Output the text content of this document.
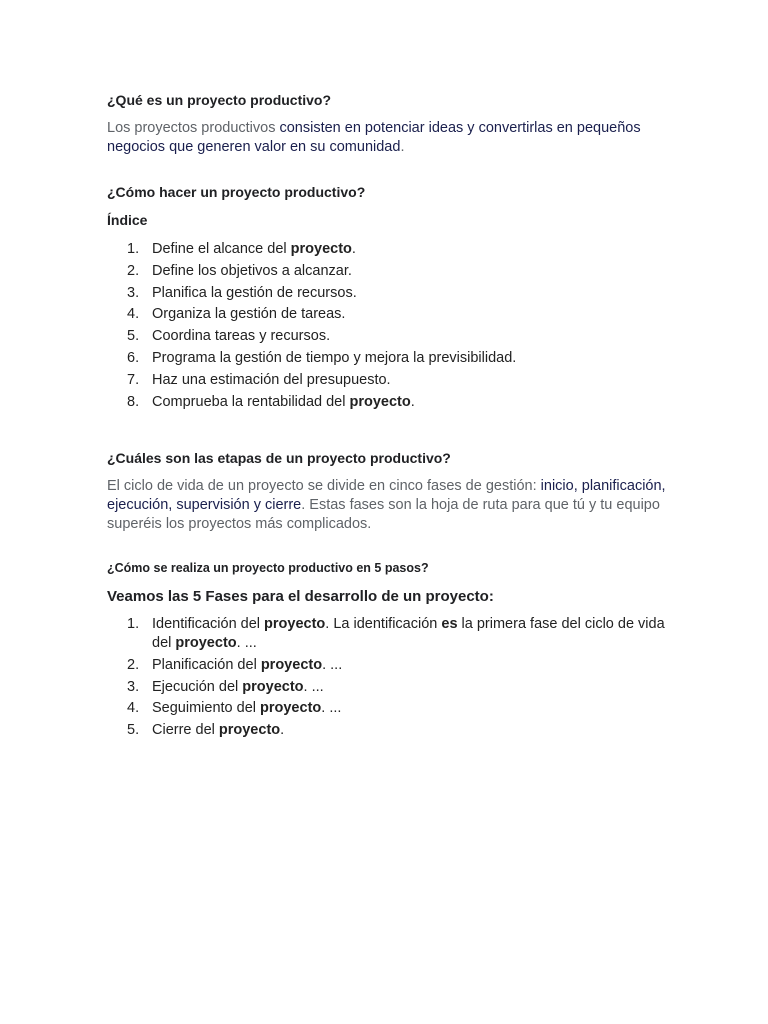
¿Qué es un proyecto productivo?

Los proyectos productivos consisten en potenciar ideas y convertirlas en pequeños negocios que generen valor en su comunidad.

¿Cómo hacer un proyecto productivo?
Índice
1. Define el alcance del proyecto.
2. Define los objetivos a alcanzar.
3. Planifica la gestión de recursos.
4. Organiza la gestión de tareas.
5. Coordina tareas y recursos.
6. Programa la gestión de tiempo y mejora la previsibilidad.
7. Haz una estimación del presupuesto.
8. Comprueba la rentabilidad del proyecto.
¿Cuáles son las etapas de un proyecto productivo?

El ciclo de vida de un proyecto se divide en cinco fases de gestión: inicio, planificación, ejecución, supervisión y cierre. Estas fases son la hoja de ruta para que tú y tu equipo superéis los proyectos más complicados.

¿Cómo se realiza un proyecto productivo en 5 pasos?
Veamos las 5 Fases para el desarrollo de un proyecto:
1. Identificación del proyecto. La identificación es la primera fase del ciclo de vida del proyecto. ...
2. Planificación del proyecto. ...
3. Ejecución del proyecto. ...
4. Seguimiento del proyecto. ...
5. Cierre del proyecto.
